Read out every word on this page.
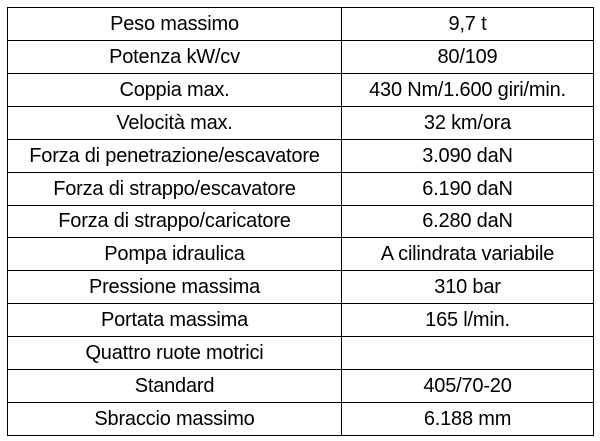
Peso massimo	9,7 t
Potenza kW/cv	80/109
Coppia max.	430 Nm/1.600 giri/min.
Velocità max.	32 km/ora
Forza di penetrazione/escavatore	3.090 daN
Forza di strappo/escavatore	6.190 daN
Forza di strappo/caricatore	6.280 daN
Pompa idraulica	A cilindrata variabile
Pressione massima	310 bar
Portata massima	165 l/min.
Quattro ruote motrici	
Standard	405/70-20
Sbraccio massimo	6.188 mm
